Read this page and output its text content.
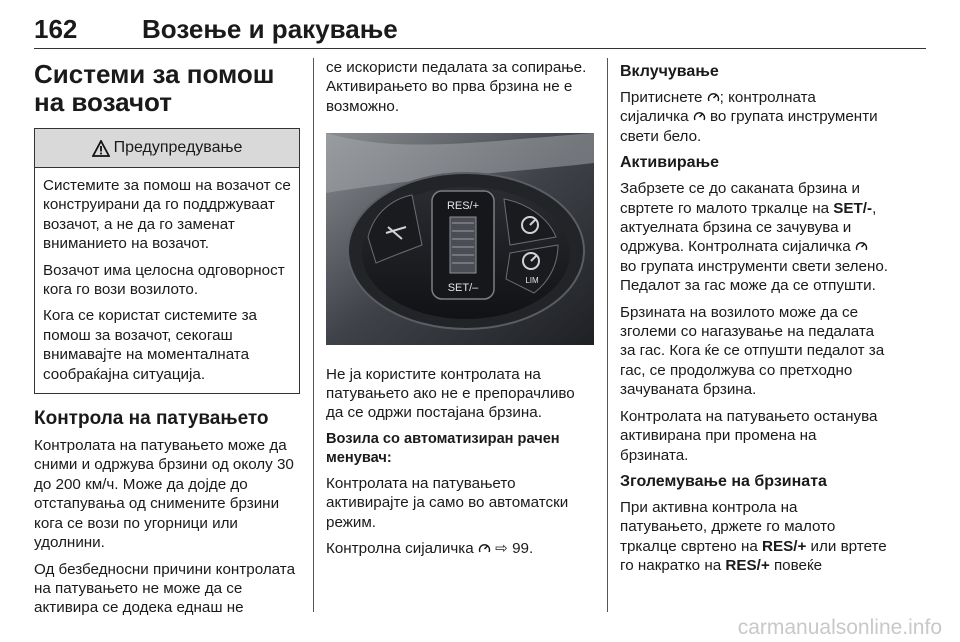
162 Возење и ракување
Системи за помош на возачот
Предупредување

Системите за помош на возачот се конструирани да го поддржуваат возачот, а не да го заменат вниманието на возачот.

Возачот има целосна одговорност кога го вози возилото.

Кога се користат системите за помош за возачот, секогаш внимавајте на моменталната сообраќајна ситуација.

Контрола на патувањето

Контролата на патувањето може да сними и одржува брзини од околу 30 до 200 км/ч. Може да дојде до отстапувања од снимените брзини кога се вози по угорници или удолнини.

Од безбедносни причини контролата на патувањето не може да се активира се додека еднаш не

се искористи педалата за сопирање. Активирањето во прва брзина не е возможно.

RES/+
SET/–
LIM

Не ја користите контролата на патувањето ако не е препорачливо да се одржи постајана брзина.

Возила со автоматизиран рачен менувач:

Контролата на патувањето активирајте ја само во автоматски режим.

Контролна сијаличка  ⇨ 99.

Вклучување

Притиснете ; контролната сијаличка  во групата инструменти свети бело.

Активирање

Забрзете се до саканата брзина и свртете го малото тркалце на SET/-, актуелната брзина се зачувува и одржува. Контролната сијаличка  во групата инструменти свети зелено. Педалот за гас може да се отпушти.

Брзината на возилото може да се зголеми со нагазување на педалата за гас. Кога ќе се отпушти педалот за гас, се продолжува со претходно зачуваната брзина.

Контролата на патувањето останува активирана при промена на брзината.

Зголемување на брзината

При активна контрола на патувањето, држете го малото тркалце свртено на RES/+ или вртете го накратко на RES/+ повеќе

carmanualsonline.info
